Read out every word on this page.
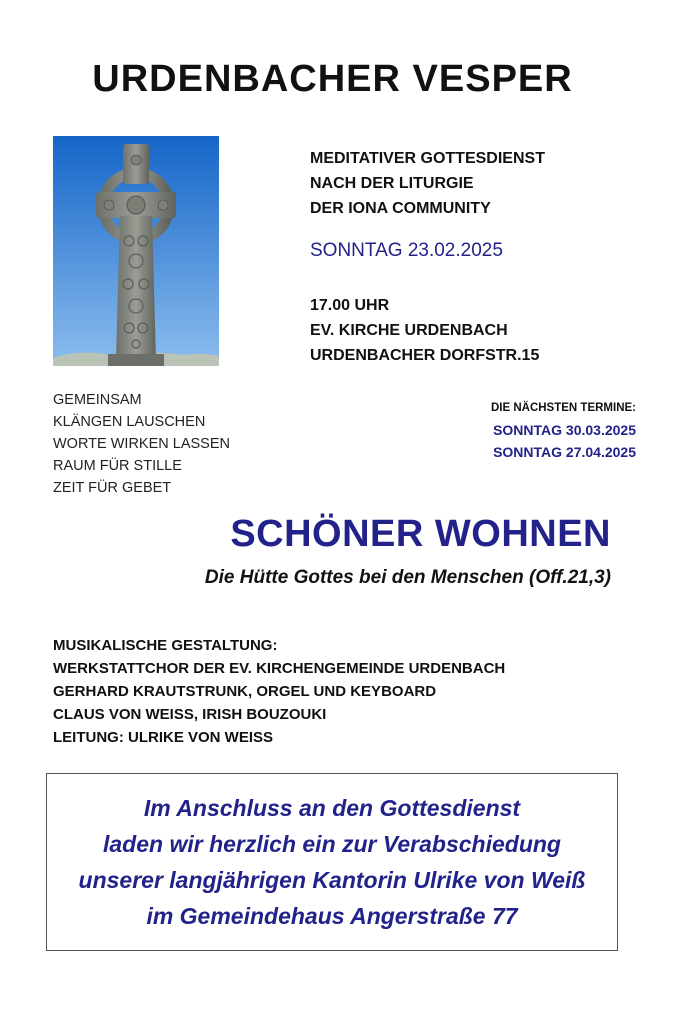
URDENBACHER VESPER
MEDITATIVER GOTTESDIENST
NACH DER LITURGIE
DER IONA COMMUNITY
SONNTAG 23.02.2025
17.00 UHR
EV. KIRCHE URDENBACH
URDENBACHER DORFSTR.15
GEMEINSAM
KLÄNGEN LAUSCHEN
WORTE WIRKEN LASSEN
RAUM FÜR STILLE
ZEIT FÜR GEBET
DIE NÄCHSTEN TERMINE:
SONNTAG 30.03.2025
SONNTAG 27.04.2025
SCHÖNER WOHNEN
Die Hütte Gottes bei den Menschen (Off.21,3)
MUSIKALISCHE GESTALTUNG:
WERKSTATTCHOR DER EV. KIRCHENGEMEINDE URDENBACH
GERHARD KRAUTSTRUNK, ORGEL UND KEYBOARD
CLAUS VON WEISS, IRISH BOUZOUKI
LEITUNG: ULRIKE VON WEISS
Im Anschluss an den Gottesdienst
laden wir herzlich ein zur Verabschiedung
unserer langjährigen Kantorin Ulrike von Weiß
im Gemeindehaus Angerstraße 77
